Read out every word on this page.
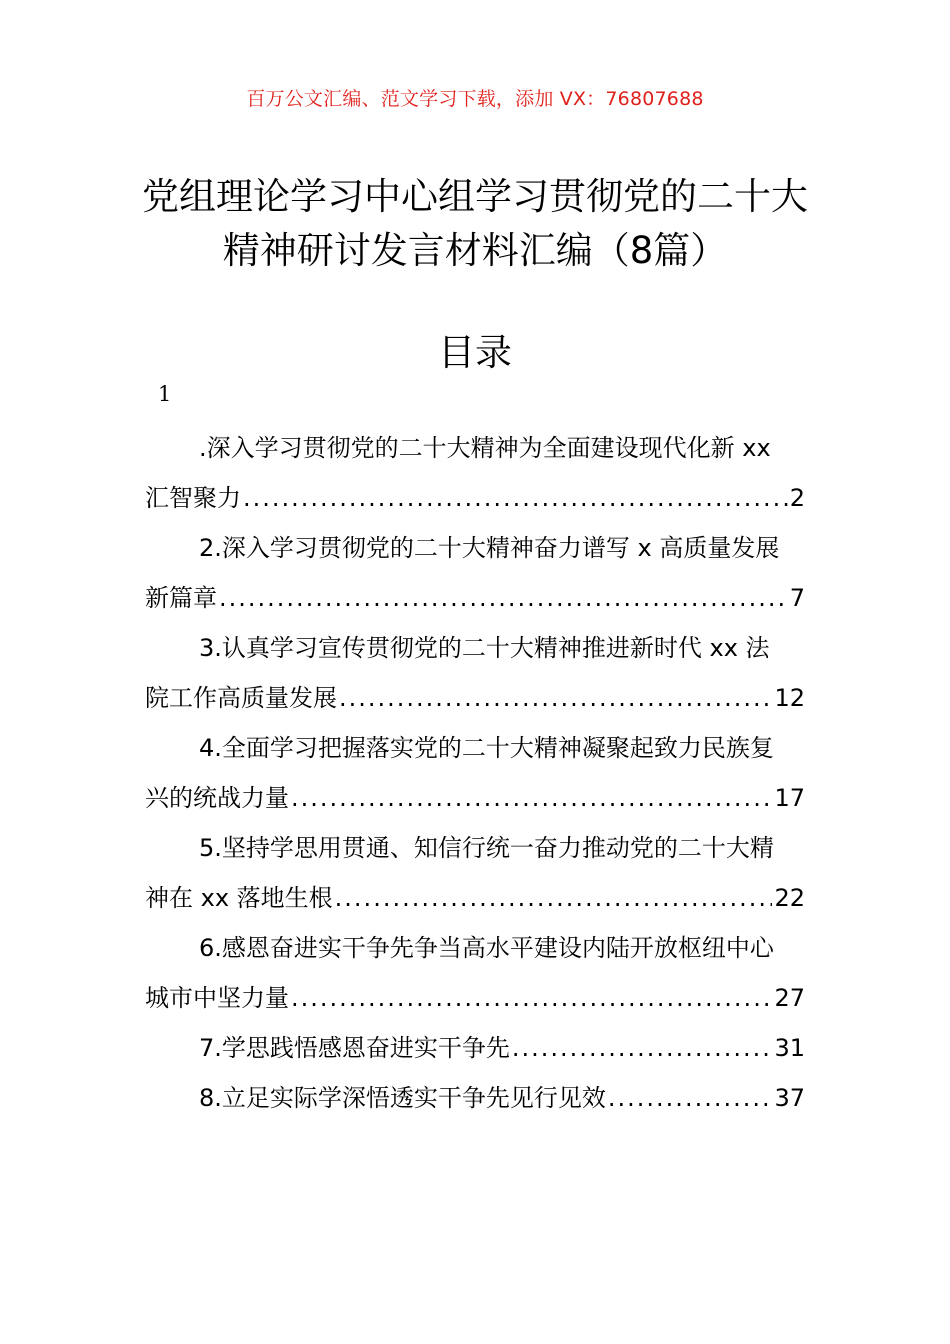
百万公文汇编、范文学习下载，添加 VX：76807688
党组理论学习中心组学习贯彻党的二十大
精神研讨发言材料汇编（8篇）
目录
1
.深入学习贯彻党的二十大精神为全面建设现代化新 xx
汇智聚力 .....	2
2.深入学习贯彻党的二十大精神奋力谱写 x 高质量发展
新篇章 .....	7
3.认真学习宣传贯彻党的二十大精神推进新时代 xx 法
院工作高质量发展 .....	12
4.全面学习把握落实党的二十大精神凝聚起致力民族复
兴的统战力量 .....	17
5.坚持学思用贯通、知信行统一奋力推动党的二十大精
神在 xx 落地生根 .....	22
6.感恩奋进实干争先争当高水平建设内陆开放枢纽中心
城市中坚力量 .....	27
7.学思践悟感恩奋进实干争先 .....	31
8.立足实际学深悟透实干争先见行见效 .....	37
